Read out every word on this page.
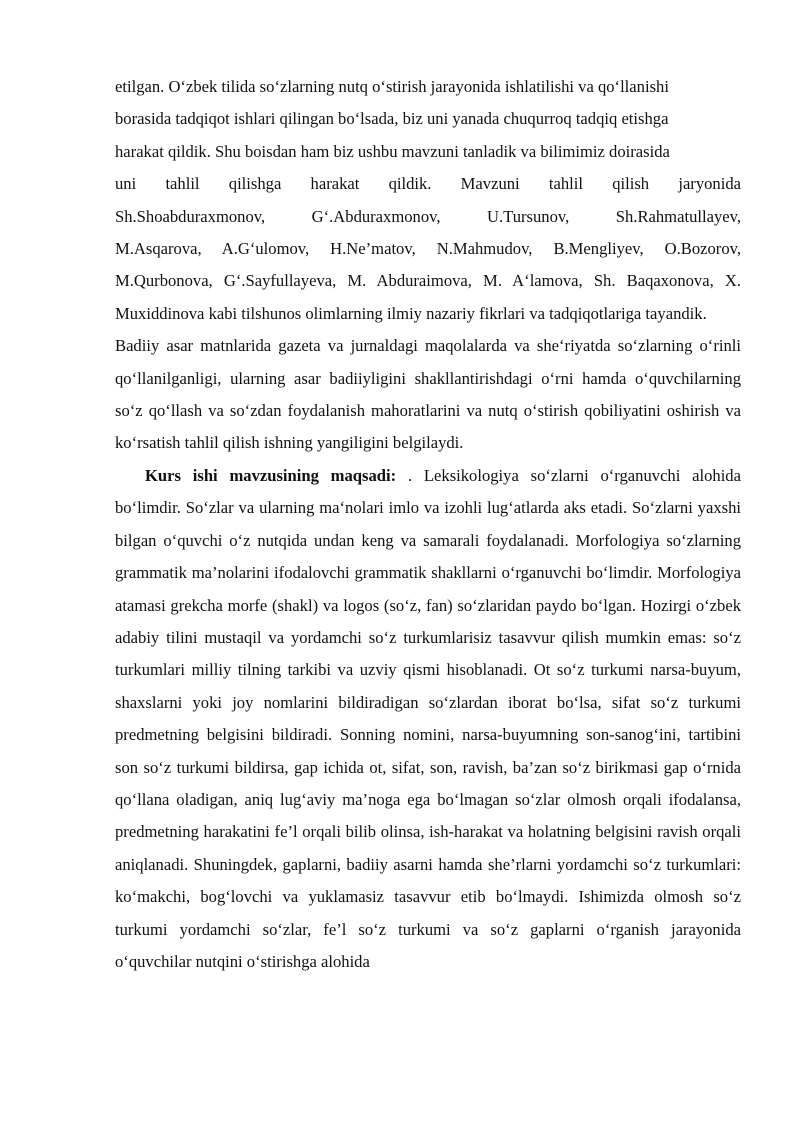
etilgan. O‘zbek tilida so‘zlarning nutq o‘stirish jarayonida ishlatilishi va qo‘llanishi

borasida tadqiqot ishlari qilingan bo‘lsada, biz uni yanada chuqurroq tadqiq etishga

harakat qildik. Shu boisdan ham biz ushbu mavzuni tanladik va bilimimiz doirasida

uni tahlil qilishga harakat qildik. Mavzuni tahlil qilish jaryonida
Sh.Shoabduraxmonov,	G‘.Abduraxmonov,	U.Tursunov,	Sh.Rahmatullayev,

M.Asqarova, A.G‘ulomov, H.Ne’matov, N.Mahmudov, B.Mengliyev, O.Bozorov, M.Qurbonova, G‘.Sayfullayeva, M. Abduraimova, M. A‘lamova, Sh. Baqaxonova, X. Muxiddinova kabi tilshunos olimlarning ilmiy nazariy fikrlari va tadqiqotlariga tayandik.

Badiiy asar matnlarida gazeta va jurnaldagi maqolalarda va she‘riyatda so‘zlarning o‘rinli qo‘llanilganligi, ularning asar badiiyligini shakllantirishdagi o‘rni hamda o‘quvchilarning so‘z qo‘llash va so‘zdan foydalanish mahoratlarini va nutq o‘stirish qobiliyatini oshirish va ko‘rsatish tahlil qilish ishning yangiligini belgilaydi.

Kurs ishi mavzusining maqsadi: . Leksikologiya so‘zlarni o‘rganuvchi alohida bo‘limdir. So‘zlar va ularning ma‘nolari imlo va izohli lug‘atlarda aks etadi. So‘zlarni yaxshi bilgan o‘quvchi o‘z nutqida undan keng va samarali foydalanadi. Morfologiya so‘zlarning grammatik ma’nolarini ifodalovchi grammatik shakllarni o‘rganuvchi bo‘limdir. Morfologiya atamasi grekcha morfe (shakl) va logos (so‘z, fan) so‘zlaridan paydo bo‘lgan. Hozirgi o‘zbek adabiy tilini mustaqil va yordamchi so‘z turkumlarisiz tasavvur qilish mumkin emas: so‘z turkumlari milliy tilning tarkibi va uzviy qismi hisoblanadi. Ot so‘z turkumi narsa-buyum, shaxslarni yoki joy nomlarini bildiradigan so‘zlardan iborat bo‘lsa, sifat so‘z turkumi predmetning belgisini bildiradi. Sonning nomini, narsa-buyumning son-sanog‘ini, tartibini son so‘z turkumi bildirsa, gap ichida ot, sifat, son, ravish, ba’zan so‘z birikmasi gap o‘rnida qo‘llana oladigan, aniq lug‘aviy ma’noga ega bo‘lmagan so‘zlar olmosh orqali ifodalansa, predmetning harakatini fe’l orqali bilib olinsa, ish-harakat va holatning belgisini ravish orqali aniqlanadi. Shuningdek, gaplarni, badiiy asarni hamda she’rlarni yordamchi so‘z turkumlari: ko‘makchi, bog‘lovchi va yuklamasiz tasavvur etib bo‘lmaydi. Ishimizda olmosh so‘z turkumi yordamchi so‘zlar, fe’l so‘z turkumi va so‘z gaplarni o‘rganish jarayonida o‘quvchilar nutqini o‘stirishga alohida
